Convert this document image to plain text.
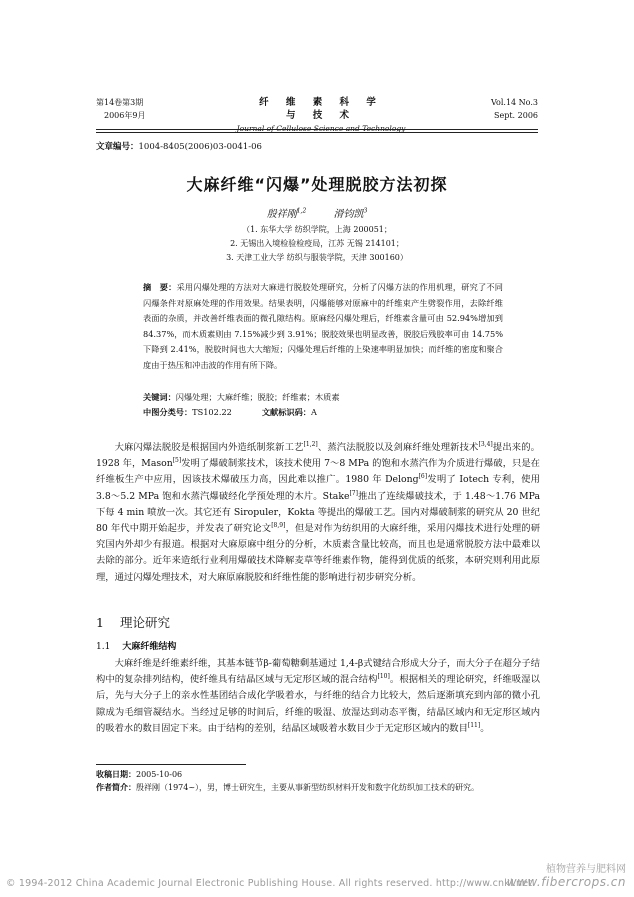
第14卷第3期
2006年9月
纤 维 素 科 学 与 技 术
Journal of Cellulose Science and Technology
Vol.14 No.3
Sept. 2006
文章编号：1004-8405(2006)03-0041-06
大麻纤维“闪爆”处理脱胶方法初探
殷祥刚$^{1,2}$	滑钧凯$^3$
（1. 东华大学 纺织学院，上海 200051；
2. 无锡出入境检验检疫局，江苏 无锡 214101；
3. 天津工业大学 纺织与服装学院，天津 300160）
摘　要：采用闪爆处理的方法对大麻进行脱胶处理研究，分析了闪爆方法的作用机理，研究了不同闪爆条件对原麻处理的作用效果。结果表明，闪爆能够对原麻中的纤维束产生劈裂作用，去除纤维表面的杂质，并改善纤维表面的微孔隙结构。原麻经闪爆处理后，纤维素含量可由 52.94%增加到 84.37%，而木质素则由 7.15%减少到 3.91%；脱胶效果也明显改善，脱胶后残胶率可由 14.75%下降到 2.41%，脱胶时间也大大缩短；闪爆处理后纤维的上染速率明显加快；而纤维的密度和聚合度由于热压和冲击波的作用有所下降。
关键词：闪爆处理；大麻纤维；脱胶；纤维素；木质素
中图分类号：TS102.22	文献标识码：A
大麻闪爆法脱胶是根据国内外造纸制浆新工艺[1,2]、蒸汽法脱胶以及剑麻纤维处理新技术[3,4]提出来的。1928 年，Mason[5]发明了爆破制浆技术，该技术使用 7～8 MPa 的饱和水蒸汽作为介质进行爆破，只是在纤维板生产中应用，因该技术爆破压力高，因此难以推广。1980 年 Delong[6]发明了 Iotech 专利，使用 3.8～5.2 MPa 饱和水蒸汽爆破经化学预处理的木片。Stake[7]推出了连续爆破技术，于 1.48～1.76 MPa 下每 4 min 喷放一次。其它还有 Siropuler，Kokta 等提出的爆破工艺。国内对爆破制浆的研究从 20 世纪 80 年代中期开始起步，并发表了研究论文[8,9]，但是对作为纺织用的大麻纤维，采用闪爆技术进行处理的研究国内外却少有报道。根据对大麻原麻中组分的分析，木质素含量比较高，而且也是通常脱胶方法中最难以去除的部分。近年来造纸行业利用爆破技术降解麦草等纤维素作物，能得到优质的纸浆，本研究则利用此原理，通过闪爆处理技术，对大麻原麻脱胶和纤维性能的影响进行初步研究分析。
1 理论研究
1.1 大麻纤维结构
大麻纤维是纤维素纤维，其基本链节β-葡萄糖剩基通过 1,4-β式键结合形成大分子，而大分子在超分子结构中的复杂排列结构，使纤维具有结晶区域与无定形区域的混合结构[10]。根据相关的理论研究，纤维吸湿以后，先与大分子上的亲水性基团结合成化学吸着水，与纤维的结合力比较大，然后逐渐填充到内部的微小孔隙成为毛细管凝结水。当经过足够的时间后，纤维的吸湿、放湿达到动态平衡，结晶区域内和无定形区域内的吸着水的数目固定下来。由于结构的差别，结晶区域吸着水数目少于无定形区域内的数目[11]。
收稿日期：2005-10-06
作者简介：殷祥刚（1974~），男，博士研究生，主要从事新型纺织材料开发和数字化纺织加工技术的研究。
© 1994-2012 China Academic Journal Electronic Publishing House. All rights reserved. http://www.cnki.net
植物营养与肥料网
www.fibercrops.cn
